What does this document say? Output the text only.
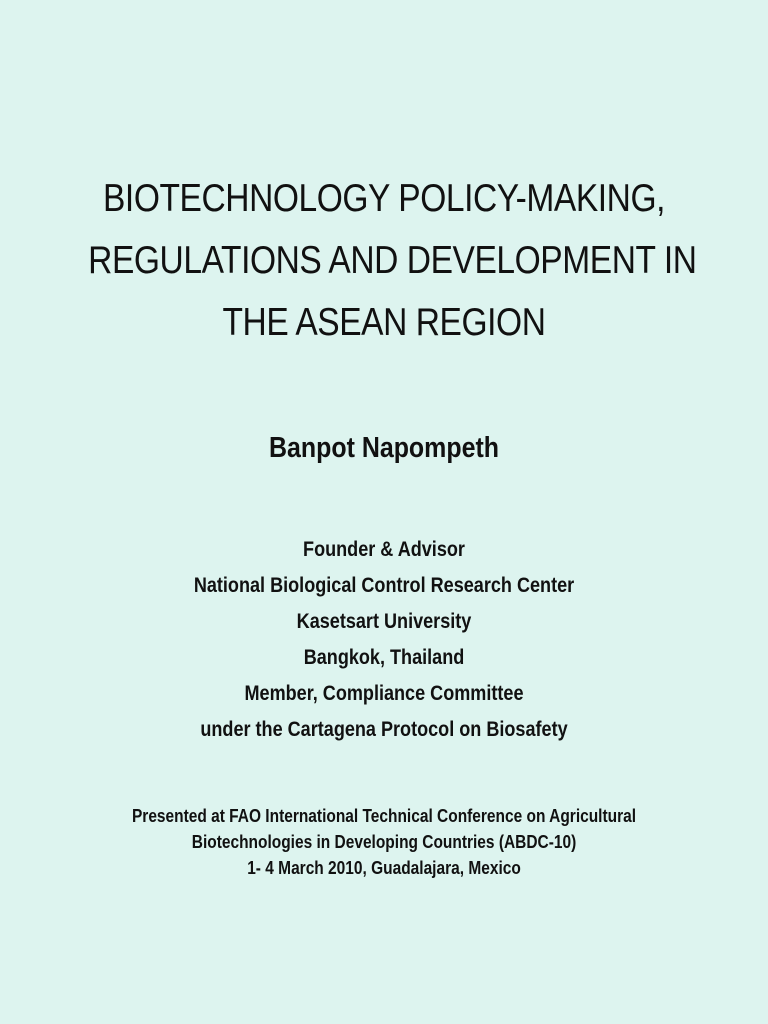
BIOTECHNOLOGY POLICY-MAKING,
REGULATIONS AND DEVELOPMENT IN
THE ASEAN REGION
Banpot Napompeth
Founder & Advisor
National Biological Control Research Center
Kasetsart University
Bangkok, Thailand
Member, Compliance Committee
under the Cartagena Protocol on Biosafety
Presented at FAO International Technical Conference on Agricultural
Biotechnologies in Developing Countries (ABDC-10)
1- 4 March 2010, Guadalajara, Mexico
